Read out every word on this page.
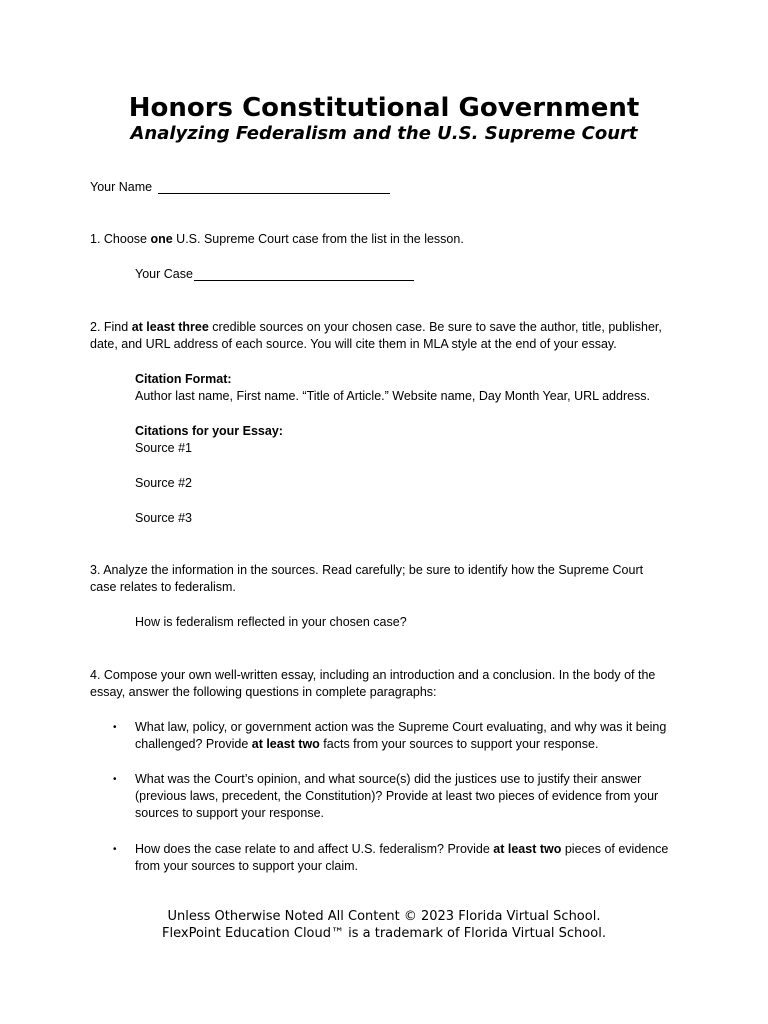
Honors Constitutional Government
Analyzing Federalism and the U.S. Supreme Court
Your Name
1. Choose one U.S. Supreme Court case from the list in the lesson.
Your Case
2. Find at least three credible sources on your chosen case. Be sure to save the author, title, publisher,
date, and URL address of each source. You will cite them in MLA style at the end of your essay.
Citation Format:
Author last name, First name. “Title of Article.” Website name, Day Month Year, URL address.
Citations for your Essay:
Source #1
Source #2
Source #3
3. Analyze the information in the sources. Read carefully; be sure to identify how the Supreme Court
case relates to federalism.
How is federalism reflected in your chosen case?
4. Compose your own well-written essay, including an introduction and a conclusion. In the body of the
essay, answer the following questions in complete paragraphs:
• What law, policy, or government action was the Supreme Court evaluating, and why was it being
challenged? Provide at least two facts from your sources to support your response.
• What was the Court’s opinion, and what source(s) did the justices use to justify their answer
(previous laws, precedent, the Constitution)? Provide at least two pieces of evidence from your
sources to support your response.
• How does the case relate to and affect U.S. federalism? Provide at least two pieces of evidence
from your sources to support your claim.
Unless Otherwise Noted All Content © 2023 Florida Virtual School.
FlexPoint Education Cloud™ is a trademark of Florida Virtual School.
